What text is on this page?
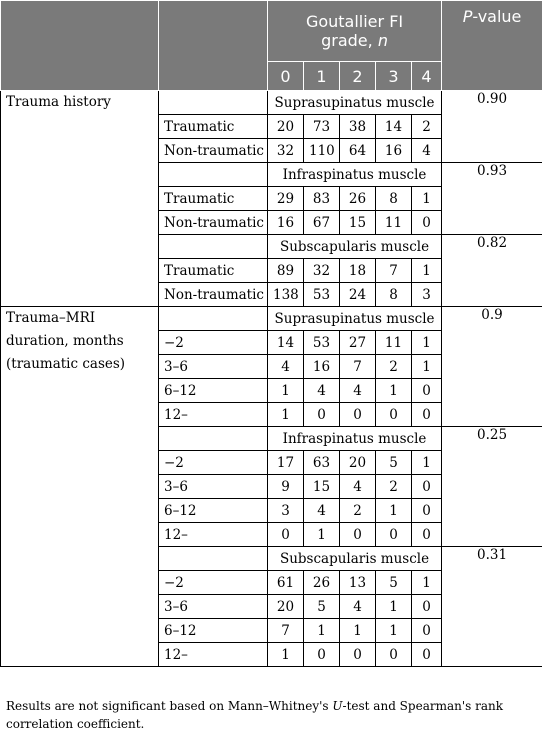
		Goutallier FI
grade, n					P-value
		0	1	2	3	4	
Trauma history		Suprasupinatus muscle					0.90
	Traumatic	20	73	38	14	2	
	Non-traumatic	32	110	64	16	4	
		Infraspinatus muscle					0.93
	Traumatic	29	83	26	8	1	
	Non-traumatic	16	67	15	11	0	
		Subscapularis muscle					0.82
	Traumatic	89	32	18	7	1	
	Non-traumatic	138	53	24	8	3	
Trauma–MRI
duration, months
(traumatic cases)		Suprasupinatus muscle					0.9
	−2	14	53	27	11	1	
	3–6	4	16	7	2	1	
	6–12	1	4	4	1	0	
	12–	1	0	0	0	0	
		Infraspinatus muscle					0.25
	−2	17	63	20	5	1	
	3–6	9	15	4	2	0	
	6–12	3	4	2	1	0	
	12–	0	1	0	0	0	
		Subscapularis muscle					0.31
	−2	61	26	13	5	1	
	3–6	20	5	4	1	0	
	6–12	7	1	1	1	0	
	12–	1	0	0	0	0	
Results are not significant based on Mann–Whitney's U-test and Spearman's rank correlation coefficient.
